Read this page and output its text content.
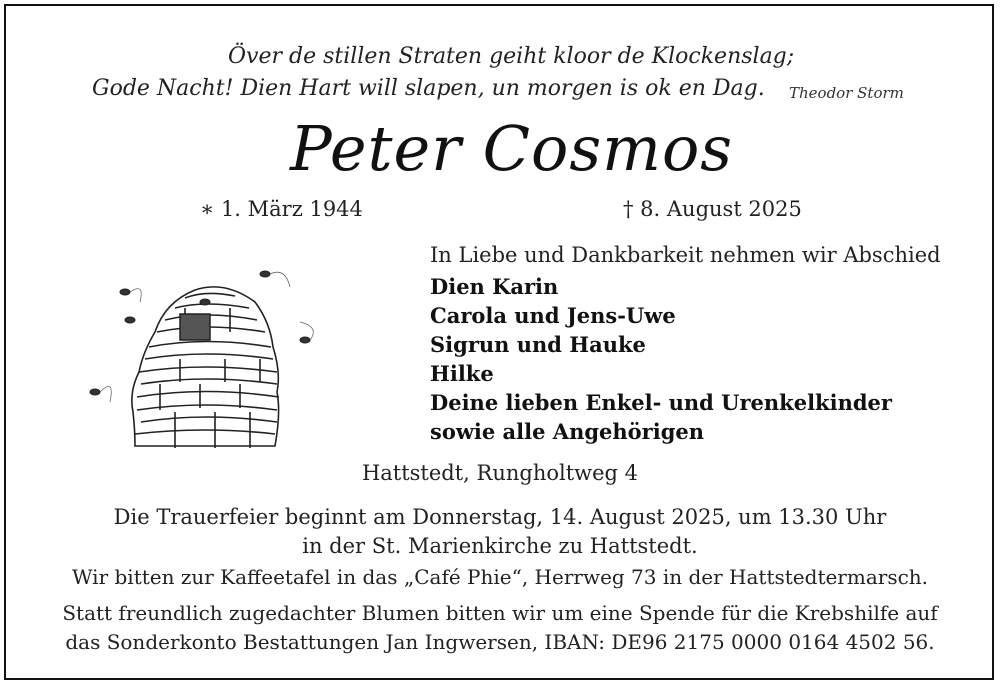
Över de stillen Straten geiht kloor de Klockenslag;
Gode Nacht! Dien Hart will slapen, un morgen is ok en Dag. Theodor Storm
Peter Cosmos
∗ 1. März 1944	† 8. August 2025
In Liebe und Dankbarkeit nehmen wir Abschied
Dien Karin
Carola und Jens-Uwe
Sigrun und Hauke
Hilke
Deine lieben Enkel- und Urenkelkinder
sowie alle Angehörigen
Hattstedt, Rungholtweg 4
Die Trauerfeier beginnt am Donnerstag, 14. August 2025, um 13.30 Uhr
in der St. Marienkirche zu Hattstedt.
Wir bitten zur Kaffeetafel in das „Café Phie“, Herrweg 73 in der Hattstedtermarsch.
Statt freundlich zugedachter Blumen bitten wir um eine Spende für die Krebshilfe auf
das Sonderkonto Bestattungen Jan Ingwersen, IBAN: DE96 2175 0000 0164 4502 56.
